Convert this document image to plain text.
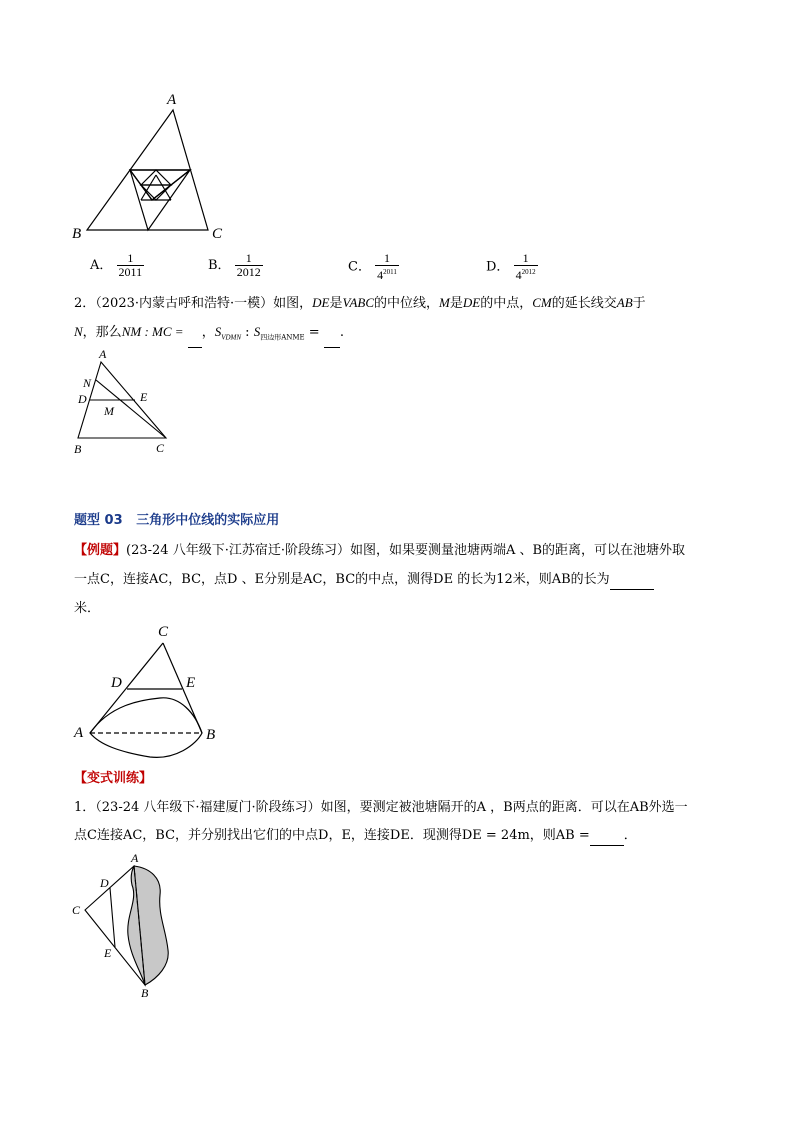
A
B	C
A． $\frac{1}{2011}$	B． $\frac{1}{2012}$	C． $\frac{1}{4^{2011}}$	D． $\frac{1}{4^{2012}}$
2．（2023·内蒙古呼和浩特·一模）如图，DE是VABC的中位线，M是DE的中点，CM的延长线交AB于
N，那么NM : MC = ，$S_{VDMN}$ : $S_{四边形ANME}$ = .
A
N
D	E
M
B	C
题型 03 三角形中位线的实际应用
【例题】(23-24 八年级下·江苏宿迁·阶段练习）如图，如果要测量池塘两端A 、B的距离，可以在池塘外取
一点C，连接AC，BC，点D 、E分别是AC，BC的中点，测得DE 的长为12米，则AB的长为
米．
C
D	E
A	B
【变式训练】
1．（23-24 八年级下·福建厦门·阶段练习）如图，要测定被池塘隔开的A ，B两点的距离．可以在AB外选一
点C连接AC，BC，并分别找出它们的中点D，E，连接DE．现测得DE = 24m，则AB =	．
A
D
C
E
B
